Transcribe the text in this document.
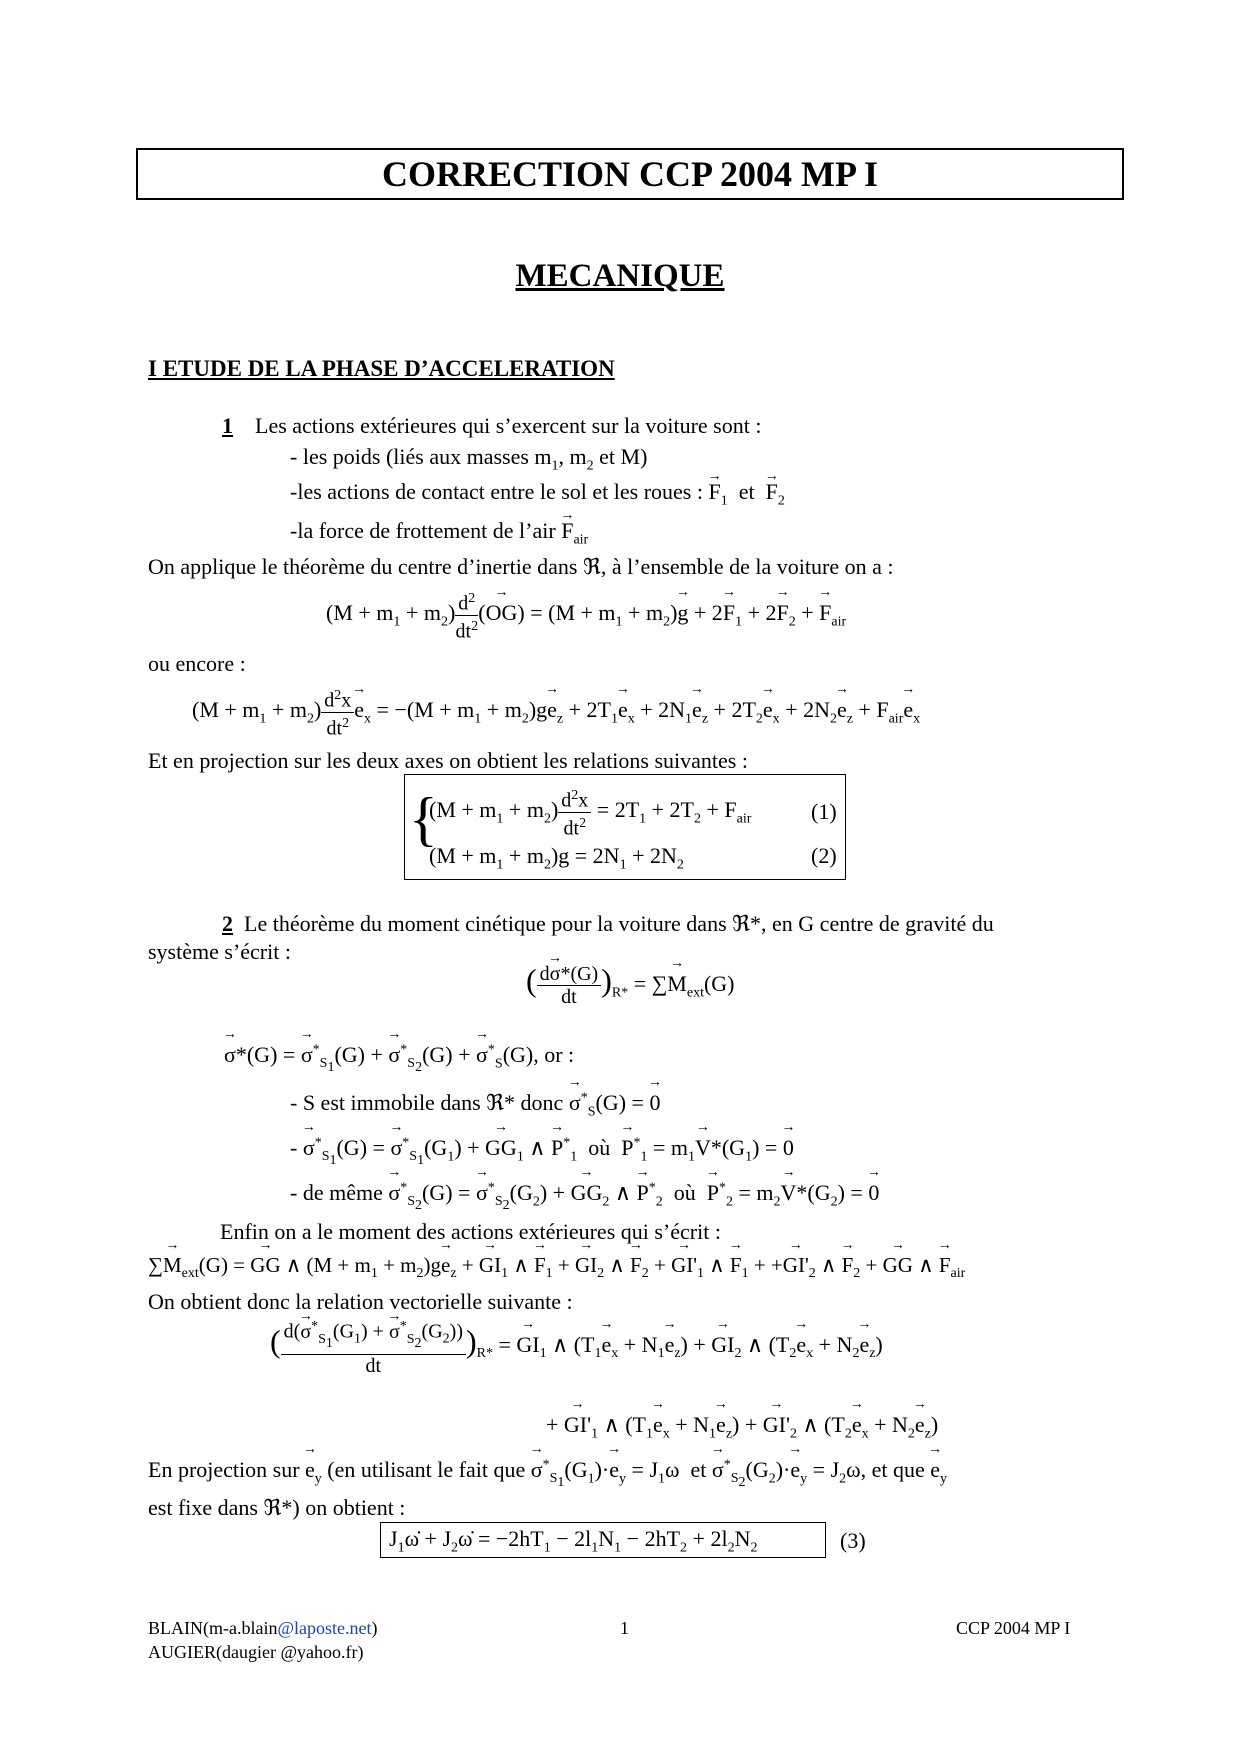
CORRECTION CCP 2004 MP I
MECANIQUE
I ETUDE DE LA PHASE D’ACCELERATION
1 Les actions extérieures qui s’exercent sur la voiture sont :
- les poids (liés aux masses $m_1$, $m_2$ et M)
-les actions de contact entre le sol et les roues : → $F_1$  et  → $F_2$
-la force de frottement de l’air → $F_{air}$
On applique le théorème du centre d’inertie dans ℜ, à l’ensemble de la voiture on a :
$(M + m_1 + m_2) \frac{d^2}{dt^2}$ (→ $OG) = (M + m_1 + m_2)\to g + 2\to F_1 + 2\to F_2$ + → $F_{air}$
ou encore :
$(M + m_1 + m_2) \frac{d^2x}{dt^2}$
→ $e_x = -(M + m_1 + m_2)g\to e_z + 2T_1\to e_x + 2N_1\to e_z + 2T_2\to e_x + 2N_2\to e_z + F_{air}\to e_x$
Et en projection sur les deux axes on obtient les relations suivantes :
{
$(M + m_1 + m_2) \frac{d^2x}{dt^2} = 2T_1 + 2T_2 + F_{air}$	(1)
$(M + m_1 + m_2)g = 2N_1 + 2N_2$	(2)
2 Le théorème du moment cinétique pour la voiture dans ℜ*, en G centre de gravité du
système s’écrit :
( $\frac{d\to \sigma*(G)}{dt} )_{R*}$ = ∑→ $M_{ext}(G)$
→ σ*(G) = → $\sigma^*_{S_1}(G)$ + → $\sigma^*_{S_2}(G)$ + → $\sigma^*_S(G)$, or :
- S est immobile dans ℜ* donc → $\sigma^*_S(G)$ = → 0
- → $\sigma^*_{S_1}(G)$ = → $\sigma^*_{S_1}(G_1)$ + → $GG_1$ ∧ → $P^*_1$  où  → $P^*_1 = m_1\to V*(G_1)$ = → 0
- de même → $\sigma^*_{S_2}(G)$ = → $\sigma^*_{S_2}(G_2)$ + → $GG_2$ ∧ → $P^*_2$  où  → $P^*_2 = m_2\to V*(G_2)$ = → 0
Enfin on a le moment des actions extérieures qui s’écrit :
∑→ $M_{ext}(G)$ = → GG ∧ $(M + m_1 + m_2)g\to e_z$ + → $GI_1$ ∧ → $F_1$ + → $GI_2$ ∧ → $F_2$ + → $GI'_1$ ∧ → $F_1$ + +→ $GI'_2$ ∧ → $F_2$ + → GG ∧ → $F_{air}$
On obtient donc la relation vectorielle suivante :
( $\frac{d(\to \sigma^*_{S_1}(G_1) + \to \sigma^*_{S_2}(G_2))}{dt} )_{R*}$ = → $GI_1$ ∧ $(T_1\to e_x + N_1\to e_z)$ + → $GI_2$ ∧ $(T_2\to e_x + N_2\to e_z)$
+ → $GI'_1$ ∧ $(T_1\to e_x + N_1\to e_z)$ + → $GI'_2$ ∧ $(T_2\to e_x + N_2\to e_z)$
En projection sur → $e_y$ (en utilisant le fait que → $\sigma^*_{S_1}(G_1)\cdot\to e_y = J_1\omega$  et → $\sigma^*_{S_2}(G_2)\cdot\to e_y = J_2\omega$, et que → $e_y$
est fixe dans ℜ*) on obtient :
$J_1\omegȧ$ + $J_2\omegȧ = -2hT_1 - 2l_1N_1 - 2hT_2 + 2l_2N_2$	(3)
BLAIN(m-a.blain@laposte.net)
AUGIER(daugier @yahoo.fr)
1	CCP 2004 MP I
